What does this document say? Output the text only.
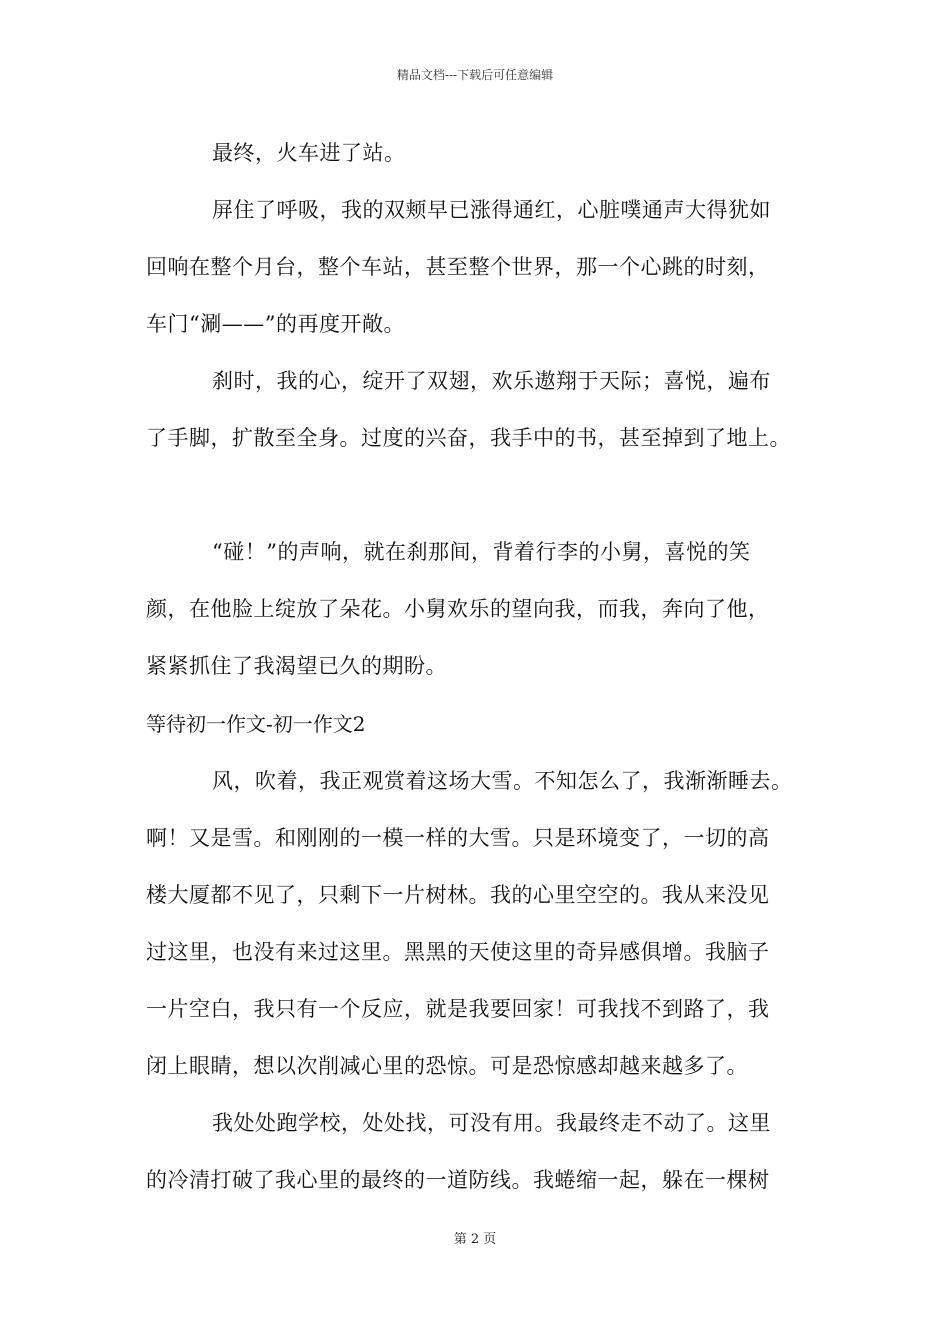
精品文档---下载后可任意编辑
最终，火车进了站。
屏住了呼吸，我的双颊早已涨得通红，心脏噗通声大得犹如
回响在整个月台，整个车站，甚至整个世界，那一个心跳的时刻，
车门“涮——”的再度开敞。
刹时，我的心，绽开了双翅，欢乐遨翔于天际；喜悦，遍布
了手脚，扩散至全身。过度的兴奋，我手中的书，甚至掉到了地上。
“碰！”的声响，就在刹那间，背着行李的小舅，喜悦的笑
颜，在他脸上绽放了朵花。小舅欢乐的望向我，而我，奔向了他，
紧紧抓住了我渴望已久的期盼。
等待初一作文-初一作文2
风，吹着，我正观赏着这场大雪。不知怎么了，我渐渐睡去。
啊！又是雪。和刚刚的一模一样的大雪。只是环境变了，一切的高
楼大厦都不见了，只剩下一片树林。我的心里空空的。我从来没见
过这里，也没有来过这里。黑黑的天使这里的奇异感俱增。我脑子
一片空白，我只有一个反应，就是我要回家！可我找不到路了，我
闭上眼睛，想以次削减心里的恐惊。可是恐惊感却越来越多了。
我处处跑学校，处处找，可没有用。我最终走不动了。这里
的冷清打破了我心里的最终的一道防线。我蜷缩一起，躲在一棵树
第 2 页
